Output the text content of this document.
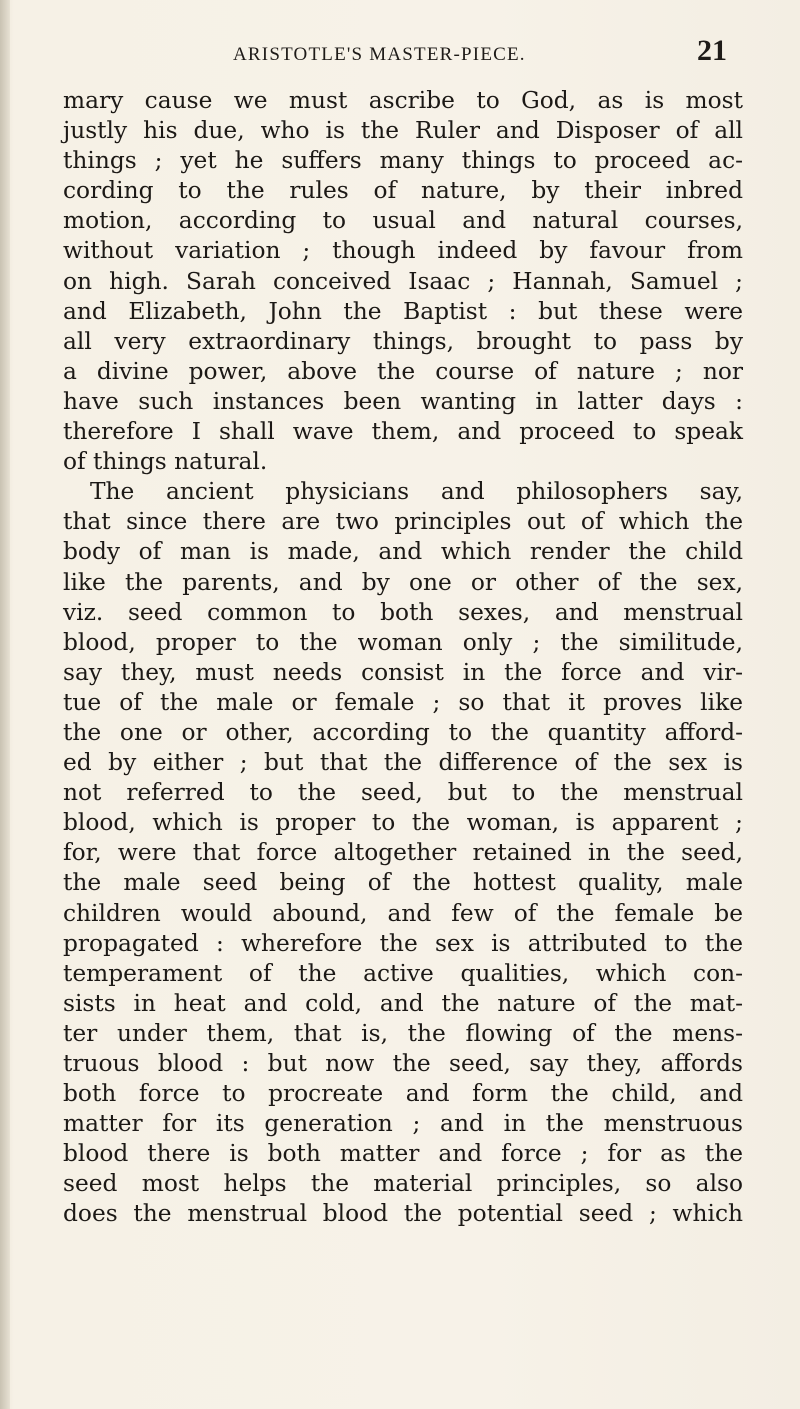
ARISTOTLE'S MASTER-PIECE.	21
mary cause we must ascribe to God, as is most
justly his due, who is the Ruler and Disposer of all
things ; yet he suffers many things to proceed ac-
cording to the rules of nature, by their inbred
motion, according to usual and natural courses,
without variation ; though indeed by favour from
on high. Sarah conceived Isaac ; Hannah, Samuel ;
and Elizabeth, John the Baptist : but these were
all very extraordinary things, brought to pass by
a divine power, above the course of nature ; nor
have such instances been wanting in latter days :
therefore I shall wave them, and proceed to speak
of things natural.
The ancient physicians and philosophers say,
that since there are two principles out of which the
body of man is made, and which render the child
like the parents, and by one or other of the sex,
viz. seed common to both sexes, and menstrual
blood, proper to the woman only ; the similitude,
say they, must needs consist in the force and vir-
tue of the male or female ; so that it proves like
the one or other, according to the quantity afford-
ed by either ; but that the difference of the sex is
not referred to the seed, but to the menstrual
blood, which is proper to the woman, is apparent ;
for, were that force altogether retained in the seed,
the male seed being of the hottest quality, male
children would abound, and few of the female be
propagated : wherefore the sex is attributed to the
temperament of the active qualities, which con-
sists in heat and cold, and the nature of the mat-
ter under them, that is, the flowing of the mens-
truous blood : but now the seed, say they, affords
both force to procreate and form the child, and
matter for its generation ; and in the menstruous
blood there is both matter and force ; for as the
seed most helps the material principles, so also
does the menstrual blood the potential seed ; which
